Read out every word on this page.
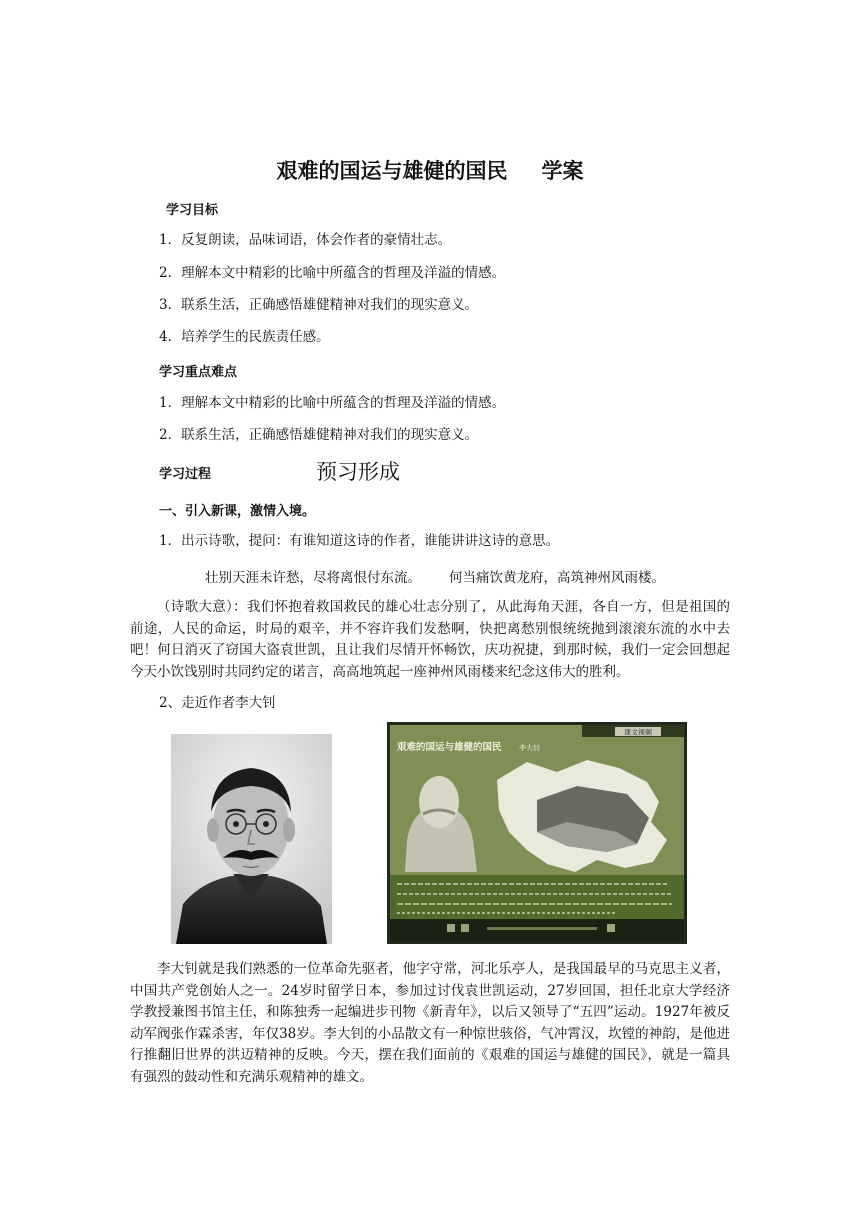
艰难的国运与雄健的国民 学案
学习目标
1．反复朗读，品味词语，体会作者的豪情壮志。
2．理解本文中精彩的比喻中所蕴含的哲理及洋溢的情感。
3．联系生活，正确感悟雄健精神对我们的现实意义。
4．培养学生的民族责任感。
学习重点难点
1．理解本文中精彩的比喻中所蕴含的哲理及洋溢的情感。
2．联系生活，正确感悟雄健精神对我们的现实意义。
学习过程	预习形成
一、引入新课，激情入境。
1．出示诗歌，提问：有谁知道这诗的作者，谁能讲讲这诗的意思。
壮别天涯未许愁，尽将离恨付东流。 何当痛饮黄龙府，高筑神州风雨楼。
（诗歌大意）：我们怀抱着救国救民的雄心壮志分别了，从此海角天涯，各自一方，但是祖国的前途，人民的命运，时局的艰辛，并不容许我们发愁啊，快把离愁别恨统统抛到滚滚东流的水中去吧！何日消灭了窃国大盗袁世凯，且让我们尽情开怀畅饮，庆功祝捷，到那时候，我们一定会回想起今天小饮饯别时共同约定的诺言，高高地筑起一座神州风雨楼来纪念这伟大的胜利。
2、走近作者李大钊
课文视频
艰难的国运与雄健的国民 李大钊
李大钊就是我们熟悉的一位革命先驱者，他字守常，河北乐亭人，是我国最早的马克思主义者，中国共产党创始人之一。24岁时留学日本，参加过讨伐袁世凯运动，27岁回国，担任北京大学经济学教授兼图书馆主任，和陈独秀一起编进步刊物《新青年》，以后又领导了“五四”运动。1927年被反动军阀张作霖杀害，年仅38岁。李大钊的小品散文有一种惊世骇俗，气冲霄汉，坎镗的神韵，是他进行推翻旧世界的洪迈精神的反映。今天，摆在我们面前的《艰难的国运与雄健的国民》，就是一篇具有强烈的鼓动性和充满乐观精神的雄文。
